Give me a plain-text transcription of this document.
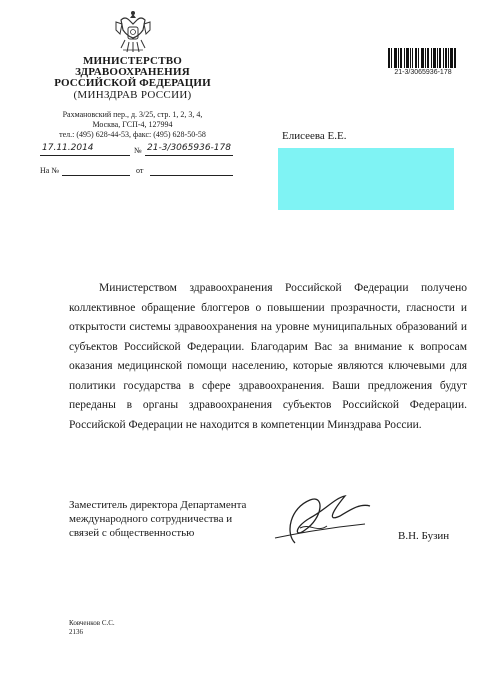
МИНИСТЕРСТВО
ЗДРАВООХРАНЕНИЯ
РОССИЙСКОЙ ФЕДЕРАЦИИ
(МИНЗДРАВ РОССИИ)
Рахмановский пер., д. 3/25, стр. 1, 2, 3, 4,
Москва, ГСП-4, 127994
тел.: (495) 628-44-53, факс: (495) 628-50-58
21-3/3065936-178
17.11.2014	№ 21-3/3065936-178
На №	от
Елисеева Е.Е.

Министерством здравоохранения Российской Федерации получено коллективное обращение блоггеров о повышении прозрачности, гласности и открытости системы здравоохранения на уровне муниципальных образований и субъектов Российской Федерации. Благодарим Вас за внимание к вопросам оказания медицинской помощи населению, которые являются ключевыми для политики государства в сфере здравоохранения. Ваши предложения будут переданы в органы здравоохранения субъектов Российской Федерации. Российской Федерации не находится в компетенции Минздрава России.

Заместитель директора Департамента
международного сотрудничества и
связей с общественностью	В.Н. Бузин
Ковченков С.С.
2136
